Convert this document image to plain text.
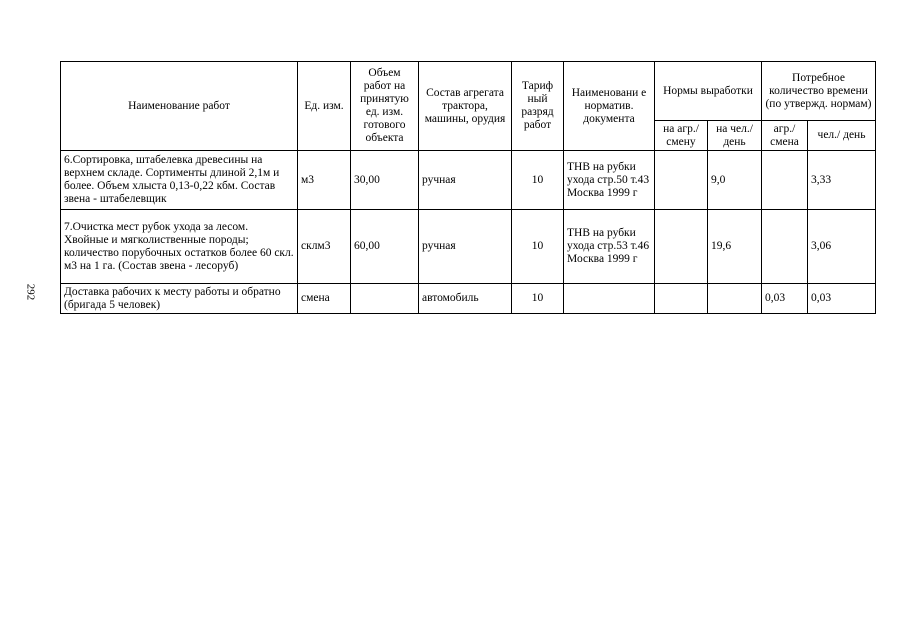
292
Наименование работ	Ед. изм.	Объем работ на принятую ед. изм. готового объекта	Состав агрегата трактора, машины, орудия	Тариф ный разряд работ	Наименовани е норматив. документа	Нормы выработки		Потребное количество времени (по утвержд. нормам)	
						на агр./ смену	на чел./ день	агр./ смена	чел./ день
6.Сортировка, штабелевка древесины на верхнем складе. Сортименты длиной 2,1м и более. Объем хлыста 0,13-0,22 кбм. Состав звена - штабелевщик	м3	30,00	ручная	10	ТНВ на рубки ухода стр.50 т.43 Москва 1999 г		9,0		3,33
7.Очистка мест рубок ухода за лесом. Хвойные и мягколиственные породы; количество порубочных остатков более 60 скл. м3 на 1 га. (Состав звена - лесоруб)	склм3	60,00	ручная	10	ТНВ на рубки ухода стр.53 т.46 Москва 1999 г		19,6		3,06
Доставка рабочих к месту работы и обратно (бригада 5 человек)	смена		автомобиль	10				0,03	0,03
